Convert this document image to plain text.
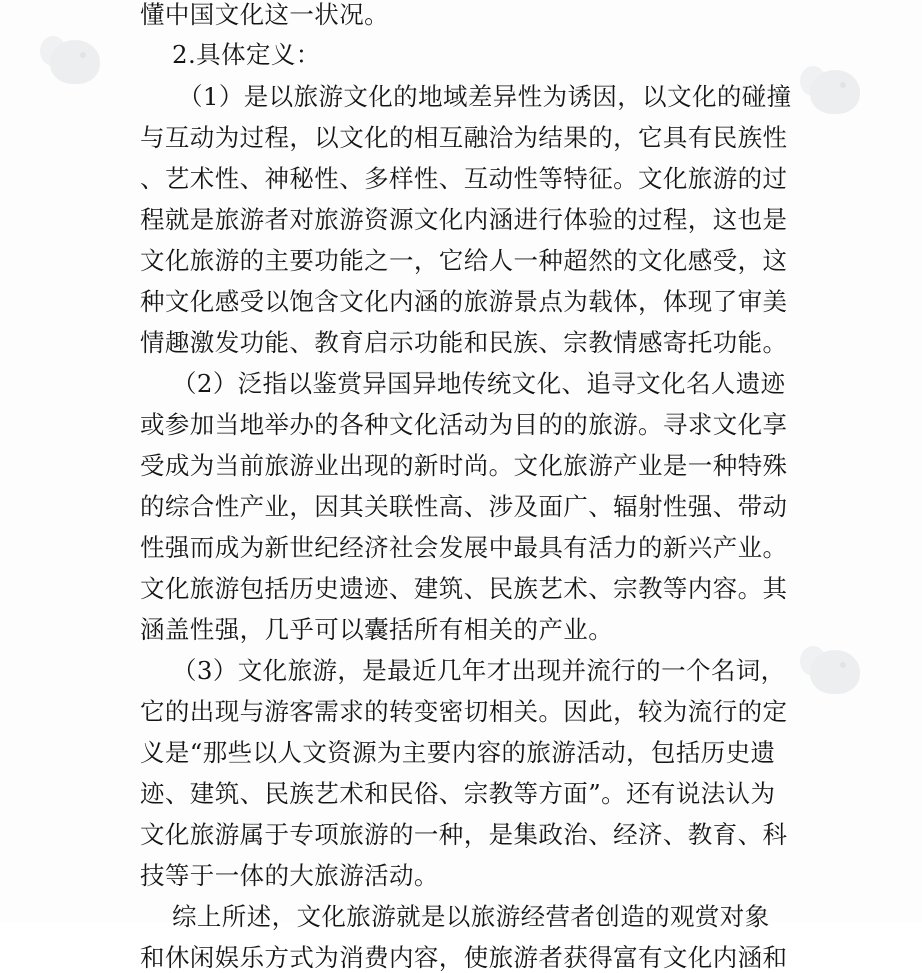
懂中国文化这一状况。
2.具体定义：
（1）是以旅游文化的地域差异性为诱因，以文化的碰撞
与互动为过程，以文化的相互融洽为结果的，它具有民族性
、艺术性、神秘性、多样性、互动性等特征。文化旅游的过
程就是旅游者对旅游资源文化内涵进行体验的过程，这也是
文化旅游的主要功能之一，它给人一种超然的文化感受，这
种文化感受以饱含文化内涵的旅游景点为载体，体现了审美
情趣激发功能、教育启示功能和民族、宗教情感寄托功能。
（2）泛指以鉴赏异国异地传统文化、追寻文化名人遗迹
或参加当地举办的各种文化活动为目的的旅游。寻求文化享
受成为当前旅游业出现的新时尚。文化旅游产业是一种特殊
的综合性产业，因其关联性高、涉及面广、辐射性强、带动
性强而成为新世纪经济社会发展中最具有活力的新兴产业。
文化旅游包括历史遗迹、建筑、民族艺术、宗教等内容。其
涵盖性强，几乎可以囊括所有相关的产业。
（3）文化旅游，是最近几年才出现并流行的一个名词，
它的出现与游客需求的转变密切相关。因此，较为流行的定
义是“那些以人文资源为主要内容的旅游活动，包括历史遗
迹、建筑、民族艺术和民俗、宗教等方面”。还有说法认为
文化旅游属于专项旅游的一种，是集政治、经济、教育、科
技等于一体的大旅游活动。
综上所述，文化旅游就是以旅游经营者创造的观赏对象
和休闲娱乐方式为消费内容，使旅游者获得富有文化内涵和
